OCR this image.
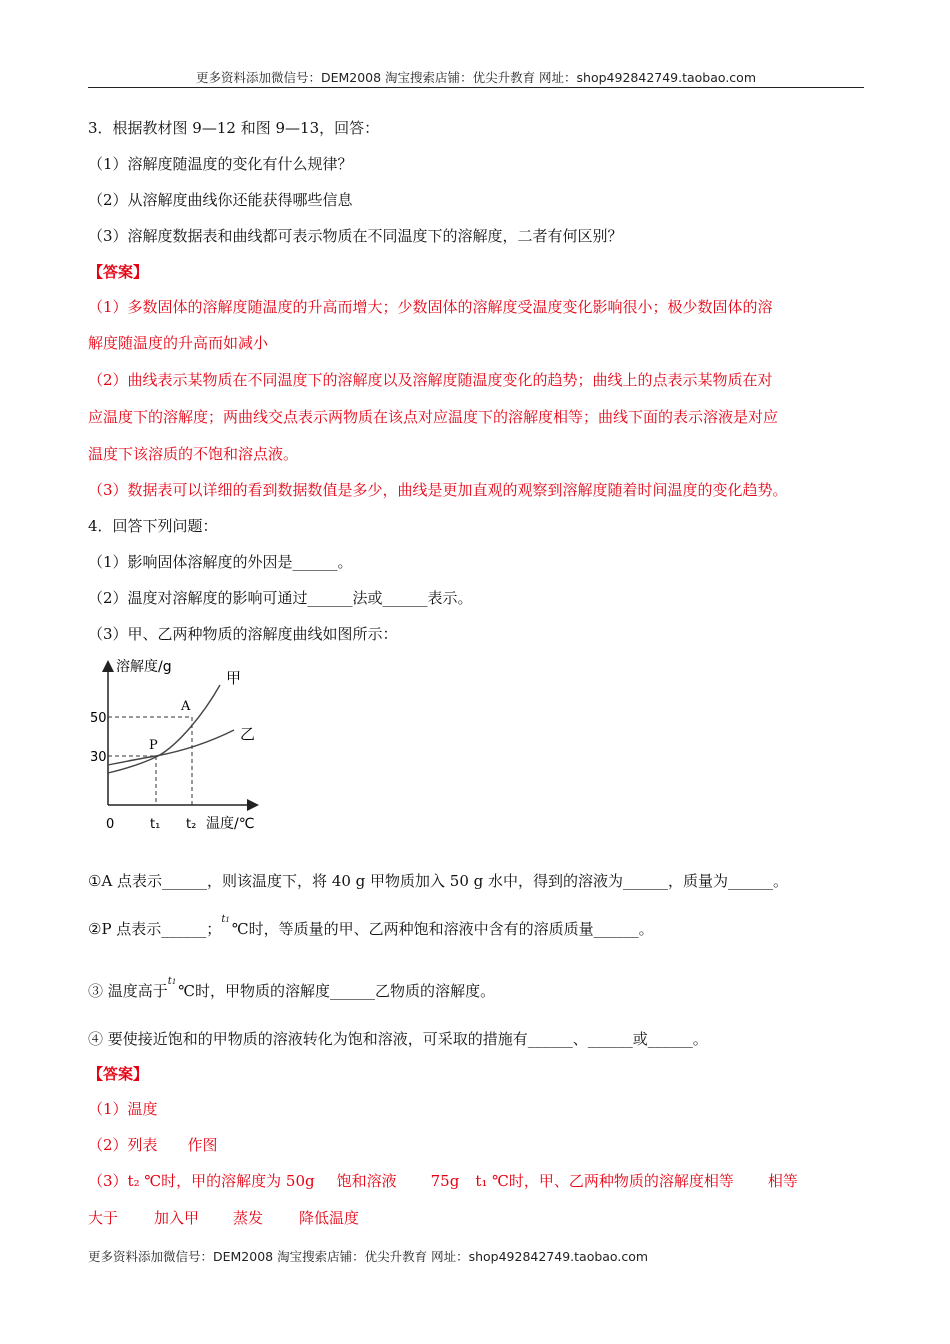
更多资料添加微信号：DEM2008 淘宝搜索店铺：优尖升教育 网址：shop492842749.taobao.com
3．根据教材图 9—12 和图 9—13，回答：
（1）溶解度随温度的变化有什么规律？
（2）从溶解度曲线你还能获得哪些信息
（3）溶解度数据表和曲线都可表示物质在不同温度下的溶解度，二者有何区别？
【答案】
（1）多数固体的溶解度随温度的升高而增大；少数固体的溶解度受温度变化影响很小；极少数固体的溶
解度随温度的升高而如减小
（2）曲线表示某物质在不同温度下的溶解度以及溶解度随温度变化的趋势；曲线上的点表示某物质在对
应温度下的溶解度；两曲线交点表示两物质在该点对应温度下的溶解度相等；曲线下面的表示溶液是对应
温度下该溶质的不饱和溶点液。
（3）数据表可以详细的看到数据数值是多少，曲线是更加直观的观察到溶解度随着时间温度的变化趋势。
4．回答下列问题：
（1）影响固体溶解度的外因是______。
（2）温度对溶解度的影响可通过______法或______表示。
（3）甲、乙两种物质的溶解度曲线如图所示：
溶解度/g
温度/℃
50
30
0	t₁ t₂
甲
乙
A
P
①A 点表示______，则该温度下，将 40 g 甲物质加入 50 g 水中，得到的溶液为______，质量为______。
②P 点表示______；$^{t1}$ ℃时，等质量的甲、乙两种饱和溶液中含有的溶质质量______。
③ 温度高于$^{t1}$ ℃时，甲物质的溶解度______乙物质的溶解度。
④ 要使接近饱和的甲物质的溶液转化为饱和溶液，可采取的措施有______、______或______。
【答案】
（1）温度
（2）列表 作图
（3）t₂ ℃时，甲的溶解度为 50g 饱和溶液 75g t₁ ℃时，甲、乙两种物质的溶解度相等 相等
大于 加入甲 蒸发 降低温度
更多资料添加微信号：DEM2008 淘宝搜索店铺：优尖升教育 网址：shop492842749.taobao.com
